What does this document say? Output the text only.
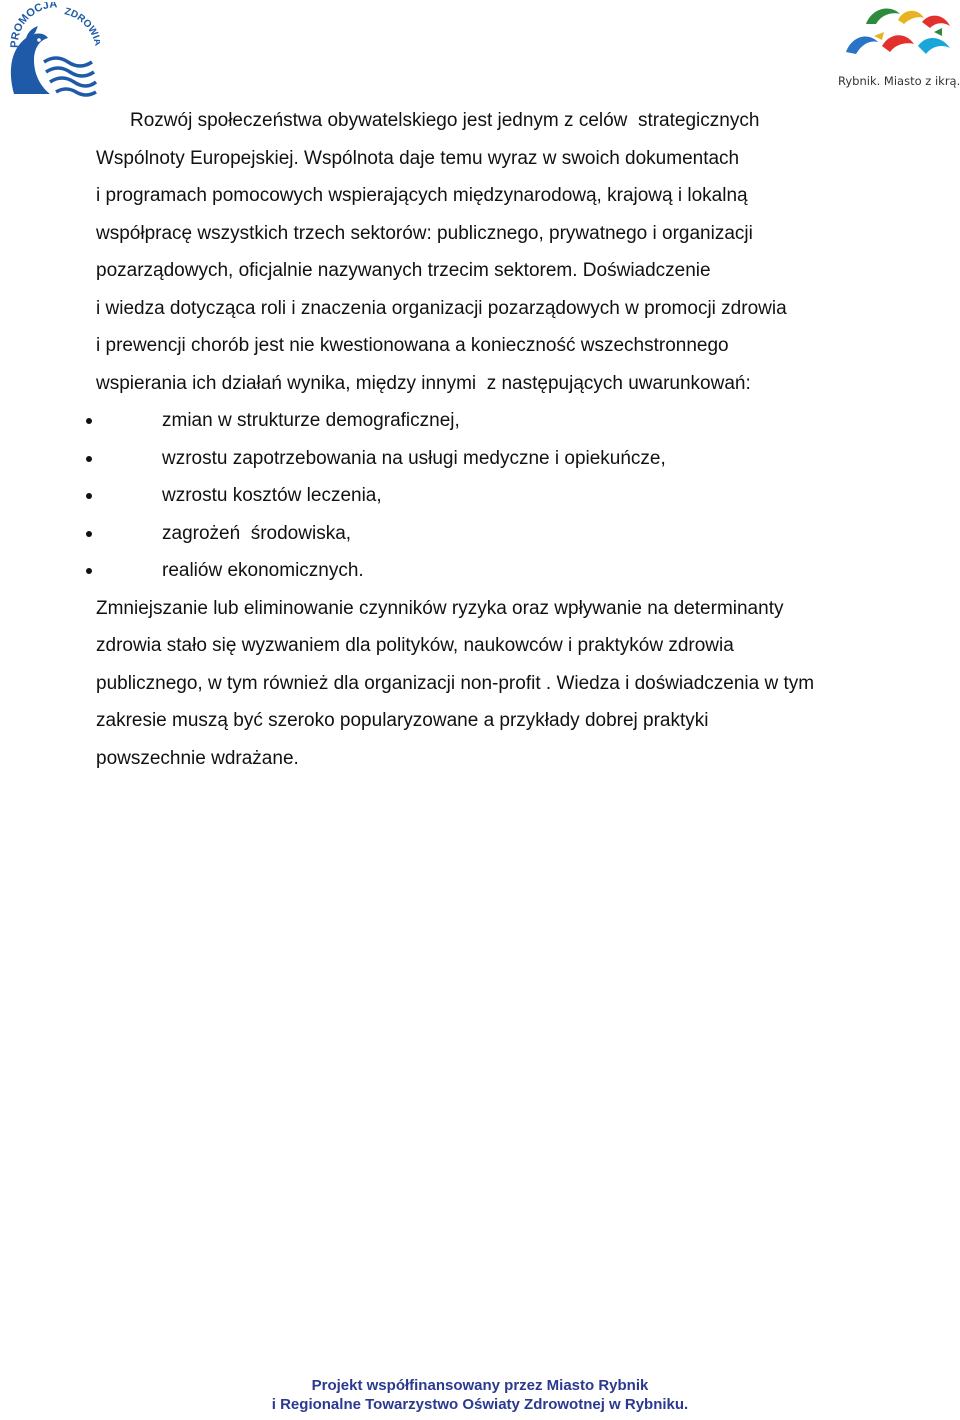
PROMOCJA
ZDROWI
Rybnik. Miasto z ikrą.

Rozwój społeczeństwa obywatelskiego jest jednym z celów  strategicznych

Wspólnoty Europejskiej. Wspólnota daje temu wyraz w swoich dokumentach

i programach pomocowych wspierających międzynarodową, krajową i lokalną

współpracę wszystkich trzech sektorów: publicznego, prywatnego i organizacji

pozarządowych, oficjalnie nazywanych trzecim sektorem. Doświadczenie

i wiedza dotycząca roli i znaczenia organizacji pozarządowych w promocji zdrowia

i prewencji chorób jest nie kwestionowana a konieczność wszechstronnego

wspierania ich działań wynika, między innymi  z następujących uwarunkowań:

zmian w strukturze demograficznej,
wzrostu zapotrzebowania na usługi medyczne i opiekuńcze,
wzrostu kosztów leczenia,
zagrożeń  środowiska,
realiów ekonomicznych.

Zmniejszanie lub eliminowanie czynników ryzyka oraz wpływanie na determinanty

zdrowia stało się wyzwaniem dla polityków, naukowców i praktyków zdrowia

publicznego, w tym również dla organizacji non-profit . Wiedza i doświadczenia w tym

zakresie muszą być szeroko popularyzowane a przykłady dobrej praktyki

powszechnie wdrażane.

Projekt współfinansowany przez Miasto Rybnik
i Regionalne Towarzystwo Oświaty Zdrowotnej w Rybniku.
